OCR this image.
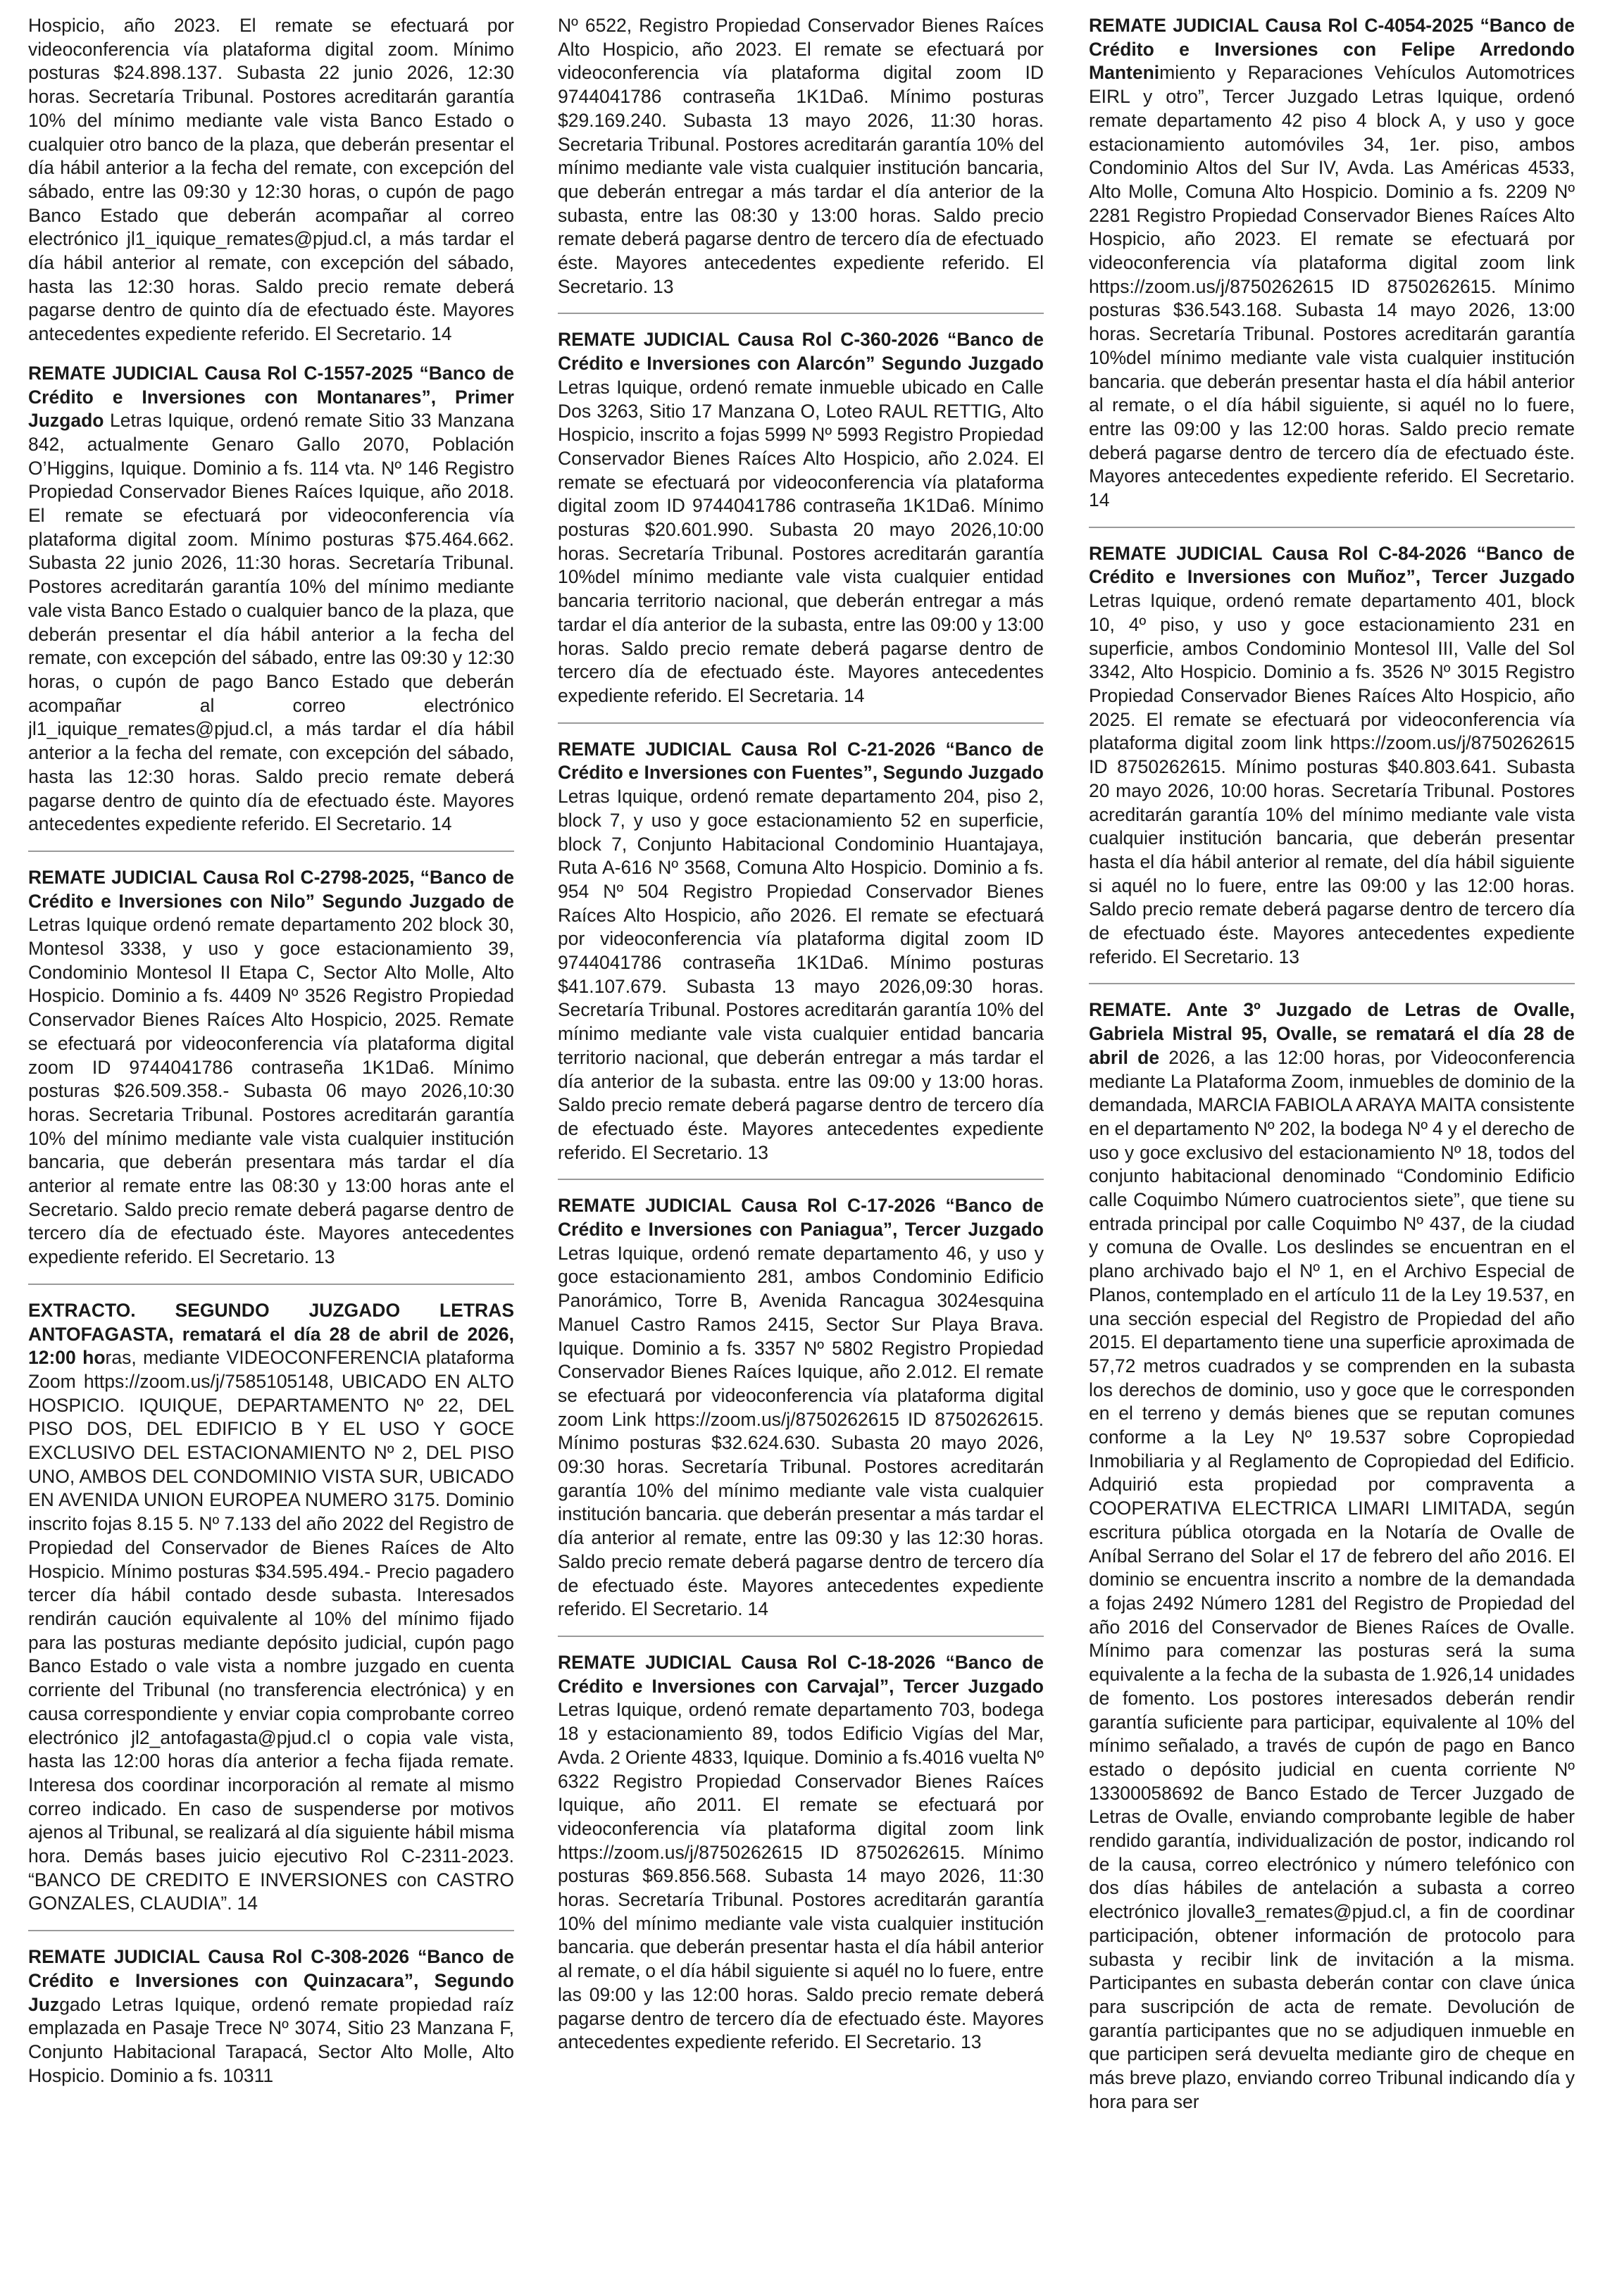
Hospicio, año 2023. El remate se efectuará por videoconferencia vía plataforma digital zoom. Mínimo posturas $24.898.137. Subasta 22 junio 2026, 12:30 horas. Secretaría Tribunal. Postores acreditarán garantía 10% del mínimo mediante vale vista Banco Estado o cualquier otro banco de la plaza, que deberán presentar el día hábil anterior a la fecha del remate, con excepción del sábado, entre las 09:30 y 12:30 horas, o cupón de pago Banco Estado que deberán acompañar al correo electrónico jl1_iquique_remates@pjud.cl, a más tardar el día hábil anterior al remate, con excepción del sábado, hasta las 12:30 horas. Saldo precio remate deberá pagarse dentro de quinto día de efectuado éste. Mayores antecedentes expediente referido. El Secretario. 14

REMATE JUDICIAL Causa Rol C-1557-2025 “Banco de Crédito e Inversiones con Montanares”, Primer Juzgado Letras Iquique, ordenó remate Sitio 33 Manzana 842, actualmente Genaro Gallo 2070, Población O’Higgins, Iquique. Dominio a fs. 114 vta. Nº 146 Registro Propiedad Conservador Bienes Raíces Iquique, año 2018. El remate se efectuará por videoconferencia vía plataforma digital zoom. Mínimo posturas $75.464.662. Subasta 22 junio 2026, 11:30 horas. Secretaría Tribunal. Postores acreditarán garantía 10% del mínimo mediante vale vista Banco Estado o cualquier banco de la plaza, que deberán presentar el día hábil anterior a la fecha del remate, con excepción del sábado, entre las 09:30 y 12:30 horas, o cupón de pago Banco Estado que deberán acompañar al correo electrónico jl1_iquique_remates@pjud.cl, a más tardar el día hábil anterior a la fecha del remate, con excepción del sábado, hasta las 12:30 horas. Saldo precio remate deberá pagarse dentro de quinto día de efectuado éste. Mayores antecedentes expediente referido. El Secretario. 14

REMATE JUDICIAL Causa Rol C-2798-2025, “Banco de Crédito e Inversiones con Nilo” Segundo Juzgado de Letras Iquique ordenó remate departamento 202 block 30, Montesol 3338, y uso y goce estacionamiento 39, Condominio Montesol II Etapa C, Sector Alto Molle, Alto Hospicio. Dominio a fs. 4409 Nº 3526 Registro Propiedad Conservador Bienes Raíces Alto Hospicio, 2025. Remate se efectuará por videoconferencia vía plataforma digital zoom ID 9744041786 contraseña 1K1Da6. Mínimo posturas $26.509.358.- Subasta 06 mayo 2026,10:30 horas. Secretaria Tribunal. Postores acreditarán garantía 10% del mínimo mediante vale vista cualquier institución bancaria, que deberán presentara más tardar el día anterior al remate entre las 08:30 y 13:00 horas ante el Secretario. Saldo precio remate deberá pagarse dentro de tercero día de efectuado éste. Mayores antecedentes expediente referido. El Secretario. 13

EXTRACTO. SEGUNDO JUZGADO LETRAS ANTOFAGASTA, rematará el día 28 de abril de 2026, 12:00 horas, mediante VIDEOCONFERENCIA plataforma Zoom https://zoom.us/j/7585105148, UBICADO EN ALTO HOSPICIO. IQUIQUE, DEPARTAMENTO Nº 22, DEL PISO DOS, DEL EDIFICIO B Y EL USO Y GOCE EXCLUSIVO DEL ESTACIONAMIENTO Nº 2, DEL PISO UNO, AMBOS DEL CONDOMINIO VISTA SUR, UBICADO EN AVENIDA UNION EUROPEA NUMERO 3175. Dominio inscrito fojas 8.15 5. Nº 7.133 del año 2022 del Registro de Propiedad del Conservador de Bienes Raíces de Alto Hospicio. Mínimo posturas $34.595.494.- Precio pagadero tercer día hábil contado desde subasta. Interesados rendirán caución equivalente al 10% del mínimo fijado para las posturas mediante depósito judicial, cupón pago Banco Estado o vale vista a nombre juzgado en cuenta corriente del Tribunal (no transferencia electrónica) y en causa correspondiente y enviar copia comprobante correo electrónico jl2_antofagasta@pjud.cl o copia vale vista, hasta las 12:00 horas día anterior a fecha fijada remate. Interesa dos coordinar incorporación al remate al mismo correo indicado. En caso de suspenderse por motivos ajenos al Tribunal, se realizará al día siguiente hábil misma hora. Demás bases juicio ejecutivo Rol C-2311-2023. “BANCO DE CREDITO E INVERSIONES con CASTRO GONZALES, CLAUDIA”. 14

REMATE JUDICIAL Causa Rol C-308-2026 “Banco de Crédito e Inversiones con Quinzacara”, Segundo Juzgado Letras Iquique, ordenó remate propiedad raíz emplazada en Pasaje Trece Nº 3074, Sitio 23 Manzana F, Conjunto Habitacional Tarapacá, Sector Alto Molle, Alto Hospicio. Dominio a fs. 10311

Nº 6522, Registro Propiedad Conservador Bienes Raíces Alto Hospicio, año 2023. El remate se efectuará por videoconferencia vía plataforma digital zoom ID 9744041786 contraseña 1K1Da6. Mínimo posturas $29.169.240. Subasta 13 mayo 2026, 11:30 horas. Secretaria Tribunal. Postores acreditarán garantía 10% del mínimo mediante vale vista cualquier institución bancaria, que deberán entregar a más tardar el día anterior de la subasta, entre las 08:30 y 13:00 horas. Saldo precio remate deberá pagarse dentro de tercero día de efectuado éste. Mayores antecedentes expediente referido. El Secretario. 13

REMATE JUDICIAL Causa Rol C-360-2026 “Banco de Crédito e Inversiones con Alarcón” Segundo Juzgado Letras Iquique, ordenó remate inmueble ubicado en Calle Dos 3263, Sitio 17 Manzana O, Loteo RAUL RETTIG, Alto Hospicio, inscrito a fojas 5999 Nº 5993 Registro Propiedad Conservador Bienes Raíces Alto Hospicio, año 2.024. El remate se efectuará por videoconferencia vía plataforma digital zoom ID 9744041786 contraseña 1K1Da6. Mínimo posturas $20.601.990. Subasta 20 mayo 2026,10:00 horas. Secretaría Tribunal. Postores acreditarán garantía 10%del mínimo mediante vale vista cualquier entidad bancaria territorio nacional, que deberán entregar a más tardar el día anterior de la subasta, entre las 09:00 y 13:00 horas. Saldo precio remate deberá pagarse dentro de tercero día de efectuado éste. Mayores antecedentes expediente referido. El Secretaria. 14

REMATE JUDICIAL Causa Rol C-21-2026 “Banco de Crédito e Inversiones con Fuentes”, Segundo Juzgado Letras Iquique, ordenó remate departamento 204, piso 2, block 7, y uso y goce estacionamiento 52 en superficie, block 7, Conjunto Habitacional Condominio Huantajaya, Ruta A-616 Nº 3568, Comuna Alto Hospicio. Dominio a fs. 954 Nº 504 Registro Propiedad Conservador Bienes Raíces Alto Hospicio, año 2026. El remate se efectuará por videoconferencia vía plataforma digital zoom ID 9744041786 contraseña 1K1Da6. Mínimo posturas $41.107.679. Subasta 13 mayo 2026,09:30 horas. Secretaría Tribunal. Postores acreditarán garantía 10% del mínimo mediante vale vista cualquier entidad bancaria territorio nacional, que deberán entregar a más tardar el día anterior de la subasta. entre las 09:00 y 13:00 horas. Saldo precio remate deberá pagarse dentro de tercero día de efectuado éste. Mayores antecedentes expediente referido. El Secretario. 13

REMATE JUDICIAL Causa Rol C-17-2026 “Banco de Crédito e Inversiones con Paniagua”, Tercer Juzgado Letras Iquique, ordenó remate departamento 46, y uso y goce estacionamiento 281, ambos Condominio Edificio Panorámico, Torre B, Avenida Rancagua 3024esquina Manuel Castro Ramos 2415, Sector Sur Playa Brava. Iquique. Dominio a fs. 3357 Nº 5802 Registro Propiedad Conservador Bienes Raíces Iquique, año 2.012. El remate se efectuará por videoconferencia vía plataforma digital zoom Link https://zoom.us/j/8750262615 ID 8750262615. Mínimo posturas $32.624.630. Subasta 20 mayo 2026, 09:30 horas. Secretaría Tribunal. Postores acreditarán garantía 10% del mínimo mediante vale vista cualquier institución bancaria. que deberán presentar a más tardar el día anterior al remate, entre las 09:30 y las 12:30 horas. Saldo precio remate deberá pagarse dentro de tercero día de efectuado éste. Mayores antecedentes expediente referido. El Secretario. 14

REMATE JUDICIAL Causa Rol C-18-2026 “Banco de Crédito e Inversiones con Carvajal”, Tercer Juzgado Letras Iquique, ordenó remate departamento 703, bodega 18 y estacionamiento 89, todos Edificio Vigías del Mar, Avda. 2 Oriente 4833, Iquique. Dominio a fs.4016 vuelta Nº 6322 Registro Propiedad Conservador Bienes Raíces Iquique, año 2011. El remate se efectuará por videoconferencia vía plataforma digital zoom link https://zoom.us/j/8750262615 ID 8750262615. Mínimo posturas $69.856.568. Subasta 14 mayo 2026, 11:30 horas. Secretaría Tribunal. Postores acreditarán garantía 10% del mínimo mediante vale vista cualquier institución bancaria. que deberán presentar hasta el día hábil anterior al remate, o el día hábil siguiente si aquél no lo fuere, entre las 09:00 y las 12:00 horas. Saldo precio remate deberá pagarse dentro de tercero día de efectuado éste. Mayores antecedentes expediente referido. El Secretario. 13

REMATE JUDICIAL Causa Rol C-4054-2025 “Banco de Crédito e Inversiones con Felipe Arredondo Mantenimiento y Reparaciones Vehículos Automotrices EIRL y otro”, Tercer Juzgado Letras Iquique, ordenó remate departamento 42 piso 4 block A, y uso y goce estacionamiento automóviles 34, 1er. piso, ambos Condominio Altos del Sur IV, Avda. Las Américas 4533, Alto Molle, Comuna Alto Hospicio. Dominio a fs. 2209 Nº 2281 Registro Propiedad Conservador Bienes Raíces Alto Hospicio, año 2023. El remate se efectuará por videoconferencia vía plataforma digital zoom link https://zoom.us/j/8750262615 ID 8750262615. Mínimo posturas $36.543.168. Subasta 14 mayo 2026, 13:00 horas. Secretaría Tribunal. Postores acreditarán garantía 10%del mínimo mediante vale vista cualquier institución bancaria. que deberán presentar hasta el día hábil anterior al remate, o el día hábil siguiente, si aquél no lo fuere, entre las 09:00 y las 12:00 horas. Saldo precio remate deberá pagarse dentro de tercero día de efectuado éste. Mayores antecedentes expediente referido. El Secretario. 14

REMATE JUDICIAL Causa Rol C-84-2026 “Banco de Crédito e Inversiones con Muñoz”, Tercer Juzgado Letras Iquique, ordenó remate departamento 401, block 10, 4º piso, y uso y goce estacionamiento 231 en superficie, ambos Condominio Montesol III, Valle del Sol 3342, Alto Hospicio. Dominio a fs. 3526 Nº 3015 Registro Propiedad Conservador Bienes Raíces Alto Hospicio, año 2025. El remate se efectuará por videoconferencia vía plataforma digital zoom link https://zoom.us/j/8750262615 ID 8750262615. Mínimo posturas $40.803.641. Subasta 20 mayo 2026, 10:00 horas. Secretaría Tribunal. Postores acreditarán garantía 10% del mínimo mediante vale vista cualquier institución bancaria, que deberán presentar hasta el día hábil anterior al remate, del día hábil siguiente si aquél no lo fuere, entre las 09:00 y las 12:00 horas. Saldo precio remate deberá pagarse dentro de tercero día de efectuado éste. Mayores antecedentes expediente referido. El Secretario. 13

REMATE. Ante 3º Juzgado de Letras de Ovalle, Gabriela Mistral 95, Ovalle, se rematará el día 28 de abril de 2026, a las 12:00 horas, por Videoconferencia mediante La Plataforma Zoom, inmuebles de dominio de la demandada, MARCIA FABIOLA ARAYA MAITA consistente en el departamento Nº 202, la bodega Nº 4 y el derecho de uso y goce exclusivo del estacionamiento Nº 18, todos del conjunto habitacional denominado “Condominio Edificio calle Coquimbo Número cuatrocientos siete”, que tiene su entrada principal por calle Coquimbo Nº 437, de la ciudad y comuna de Ovalle. Los deslindes se encuentran en el plano archivado bajo el Nº 1, en el Archivo Especial de Planos, contemplado en el artículo 11 de la Ley 19.537, en una sección especial del Registro de Propiedad del año 2015. El departamento tiene una superficie aproximada de 57,72 metros cuadrados y se comprenden en la subasta los derechos de dominio, uso y goce que le corresponden en el terreno y demás bienes que se reputan comunes conforme a la Ley Nº 19.537 sobre Copropiedad Inmobiliaria y al Reglamento de Copropiedad del Edificio. Adquirió esta propiedad por compraventa a COOPERATIVA ELECTRICA LIMARI LIMITADA, según escritura pública otorgada en la Notaría de Ovalle de Aníbal Serrano del Solar el 17 de febrero del año 2016. El dominio se encuentra inscrito a nombre de la demandada a fojas 2492 Número 1281 del Registro de Propiedad del año 2016 del Conservador de Bienes Raíces de Ovalle. Mínimo para comenzar las posturas será la suma equivalente a la fecha de la subasta de 1.926,14 unidades de fomento. Los postores interesados deberán rendir garantía suficiente para participar, equivalente al 10% del mínimo señalado, a través de cupón de pago en Banco estado o depósito judicial en cuenta corriente Nº 13300058692 de Banco Estado de Tercer Juzgado de Letras de Ovalle, enviando comprobante legible de haber rendido garantía, individualización de postor, indicando rol de la causa, correo electrónico y número telefónico con dos días hábiles de antelación a subasta a correo electrónico jlovalle3_remates@pjud.cl, a fin de coordinar participación, obtener información de protocolo para subasta y recibir link de invitación a la misma. Participantes en subasta deberán contar con clave única para suscripción de acta de remate. Devolución de garantía participantes que no se adjudiquen inmueble en que participen será devuelta mediante giro de cheque en más breve plazo, enviando correo Tribunal indicando día y hora para ser
